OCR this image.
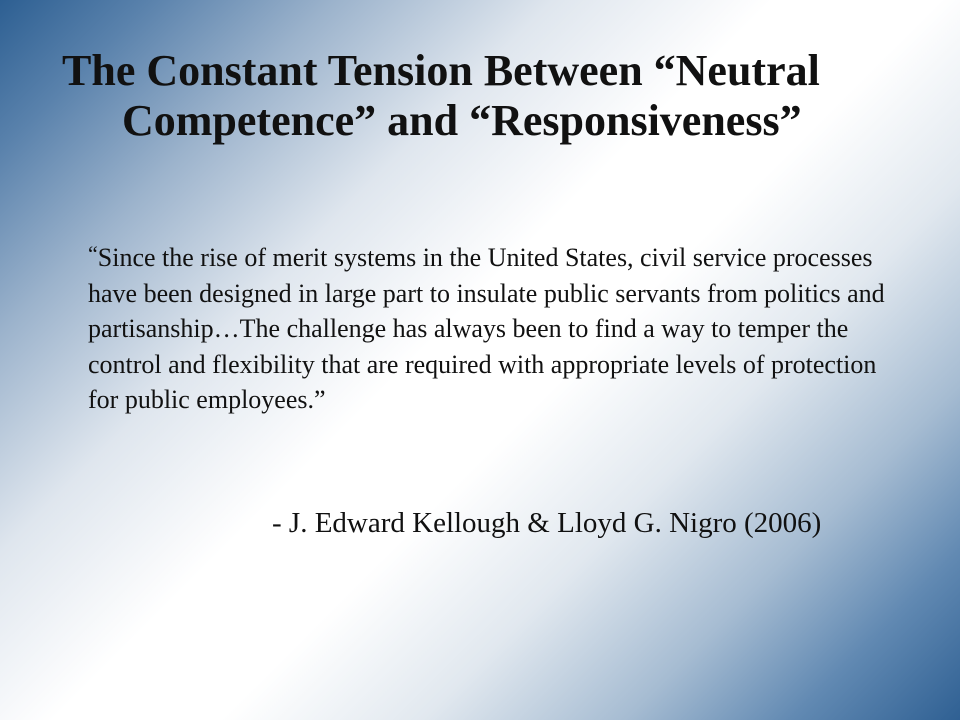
The Constant Tension Between “Neutral
Competence” and “Responsiveness”

“Since the rise of merit systems in the United States, civil service processes have been designed in large part to insulate public servants from politics and partisanship…The challenge has always been to find a way to temper the control and flexibility that are required with appropriate levels of protection for public employees.”

- J. Edward Kellough & Lloyd G. Nigro (2006)
